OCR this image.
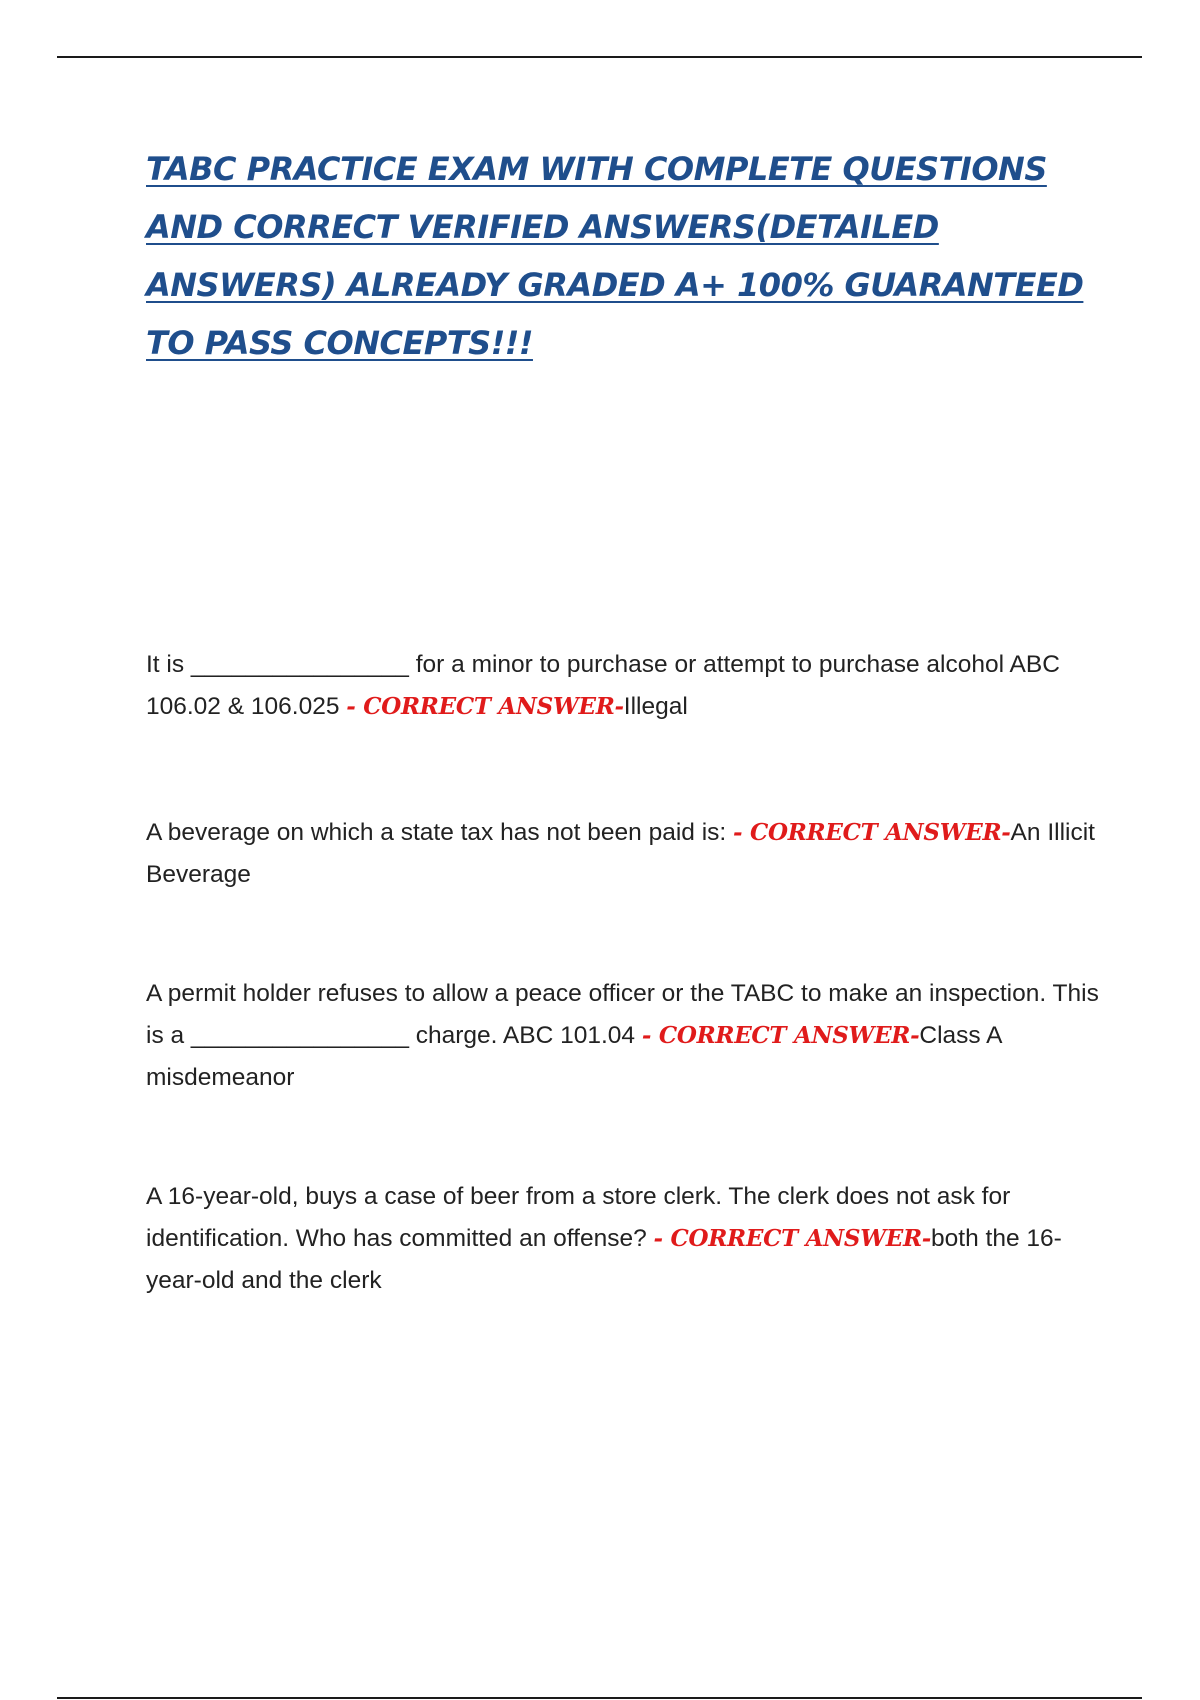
TABC PRACTICE EXAM WITH COMPLETE QUESTIONS AND CORRECT VERIFIED ANSWERS(DETAILED ANSWERS) ALREADY GRADED A+ 100% GUARANTEED TO PASS CONCEPTS!!!

It is ________________ for a minor to purchase or attempt to purchase alcohol ABC 106.02 & 106.025 - CORRECT ANSWER-Illegal

A beverage on which a state tax has not been paid is: - CORRECT ANSWER-An Illicit Beverage

A permit holder refuses to allow a peace officer or the TABC to make an inspection. This is a ________________ charge. ABC 101.04 - CORRECT ANSWER-Class A misdemeanor

A 16-year-old, buys a case of beer from a store clerk. The clerk does not ask for identification. Who has committed an offense? - CORRECT ANSWER-both the 16-year-old and the clerk
